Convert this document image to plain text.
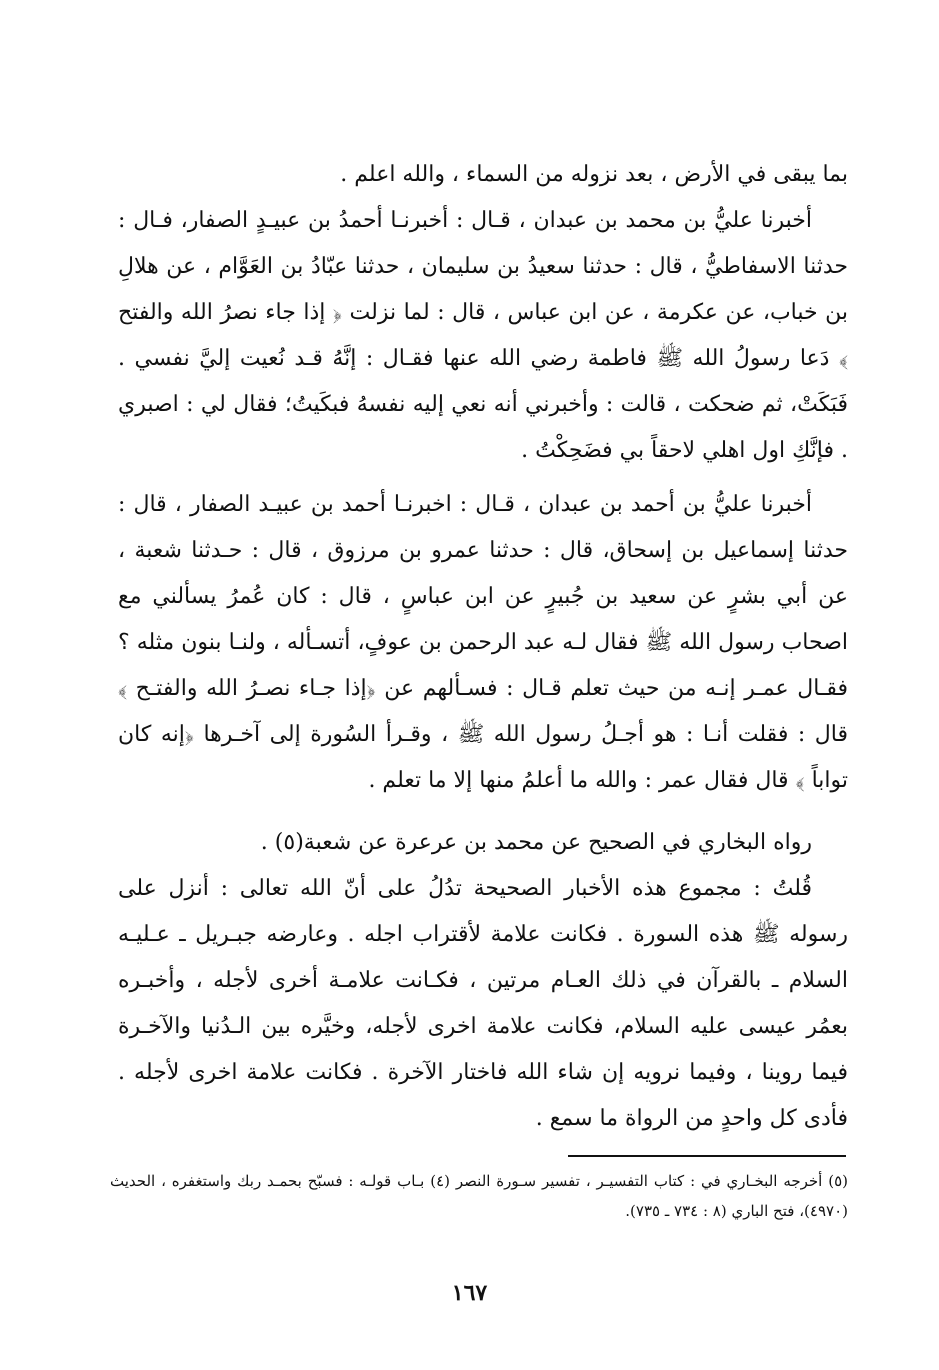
بما يبقى في الأرض ، بعد نزوله من السماء ، والله اعلم .

أخبرنا عليُّ بن محمد بن عبدان ، قـال : أخبرنـا أحمدُ بن عبيـدٍ الصفار، فـال : حدثنا الاسفاطيُّ ، قال : حدثنا سعيدُ بن سليمان ، حدثنا عبّادُ بن العَوَّام ، عن هلالِ بن خباب، عن عكرمة ، عن ابن عباس ، قال : لما نزلت ﴿ إذا جاء نصرُ الله والفتح ﴾ دَعا رسولُ الله ﷺ فاطمة رضي الله عنها فقـال : إنَّهُ قـد نُعيت إليَّ نفسي . فَبَكَتْ، ثم ضحكت ، قالت : وأخبرني أنه نعي إليه نفسهُ فبكَيتُ؛ فقال لي : اصبري . فإنَّكِ اول اهلي لاحقاً بي فضَحِكْتُ .

أخبرنا عليُّ بن أحمد بن عبدان ، قـال : اخبرنـا أحمد بن عبيـد الصفار ، قال : حدثنا إسماعيل بن إسحاق، قال : حدثنا عمرو بن مرزوق ، قال : حـدثنا شعبة ، عن أبي بشرٍ عن سعيد بن جُبيرٍ عن ابن عباسٍ ، قال : كان عُمرُ يسألني مع اصحاب رسول الله ﷺ فقال لـه عبد الرحمن بن عوفٍ، أتسـأله ، ولنـا بنون مثله ؟ فقـال عمـر إنـه من حيث تعلم قـال : فسـألهم عن ﴿إذا جـاء نصـرُ الله والفتـح ﴾ قال : فقلت أنـا : هو أجـلُ رسول الله ﷺ ، وقـرأ السُورة إلى آخـرها ﴿إنه كان تواباً ﴾ قال فقال عمر : والله ما أعلمُ منها إلا ما تعلم .

رواه البخاري في الصحيح عن محمد بن عرعرة عن شعبة(٥) .

قُلتُ : مجموع هذه الأخبار الصحيحة تدُلُ على أنّ الله تعالى : أنزل على رسوله ﷺ هذه السورة . فكانت علامة لأقتراب اجله . وعارضه جبـريل ـ عـليـه السلام ـ بالقرآن في ذلك العـام مرتين ، فكـانت علامـة أخرى لأجله ، وأخبـره بعمُر عيسى عليه السلام، فكانت علامة اخرى لأجله، وخيَّره بين الـدُنيا والآخـرة فيما روينا ، وفيما نرويه إن شاء الله فاختار الآخرة . فكانت علامة اخرى لأجله . فأدى كل واحدٍ من الرواة ما سمع .

(٥) أخرجه البخـاري في : كتاب التفسيـر ، تفسير سـورة النصر (٤) بـاب قولـه : فسبّح بحمـد ربك واستغفره ، الحديث (٤٩٧٠)، فتح الباري (٨ : ٧٣٤ ـ ٧٣٥).

١٦٧
